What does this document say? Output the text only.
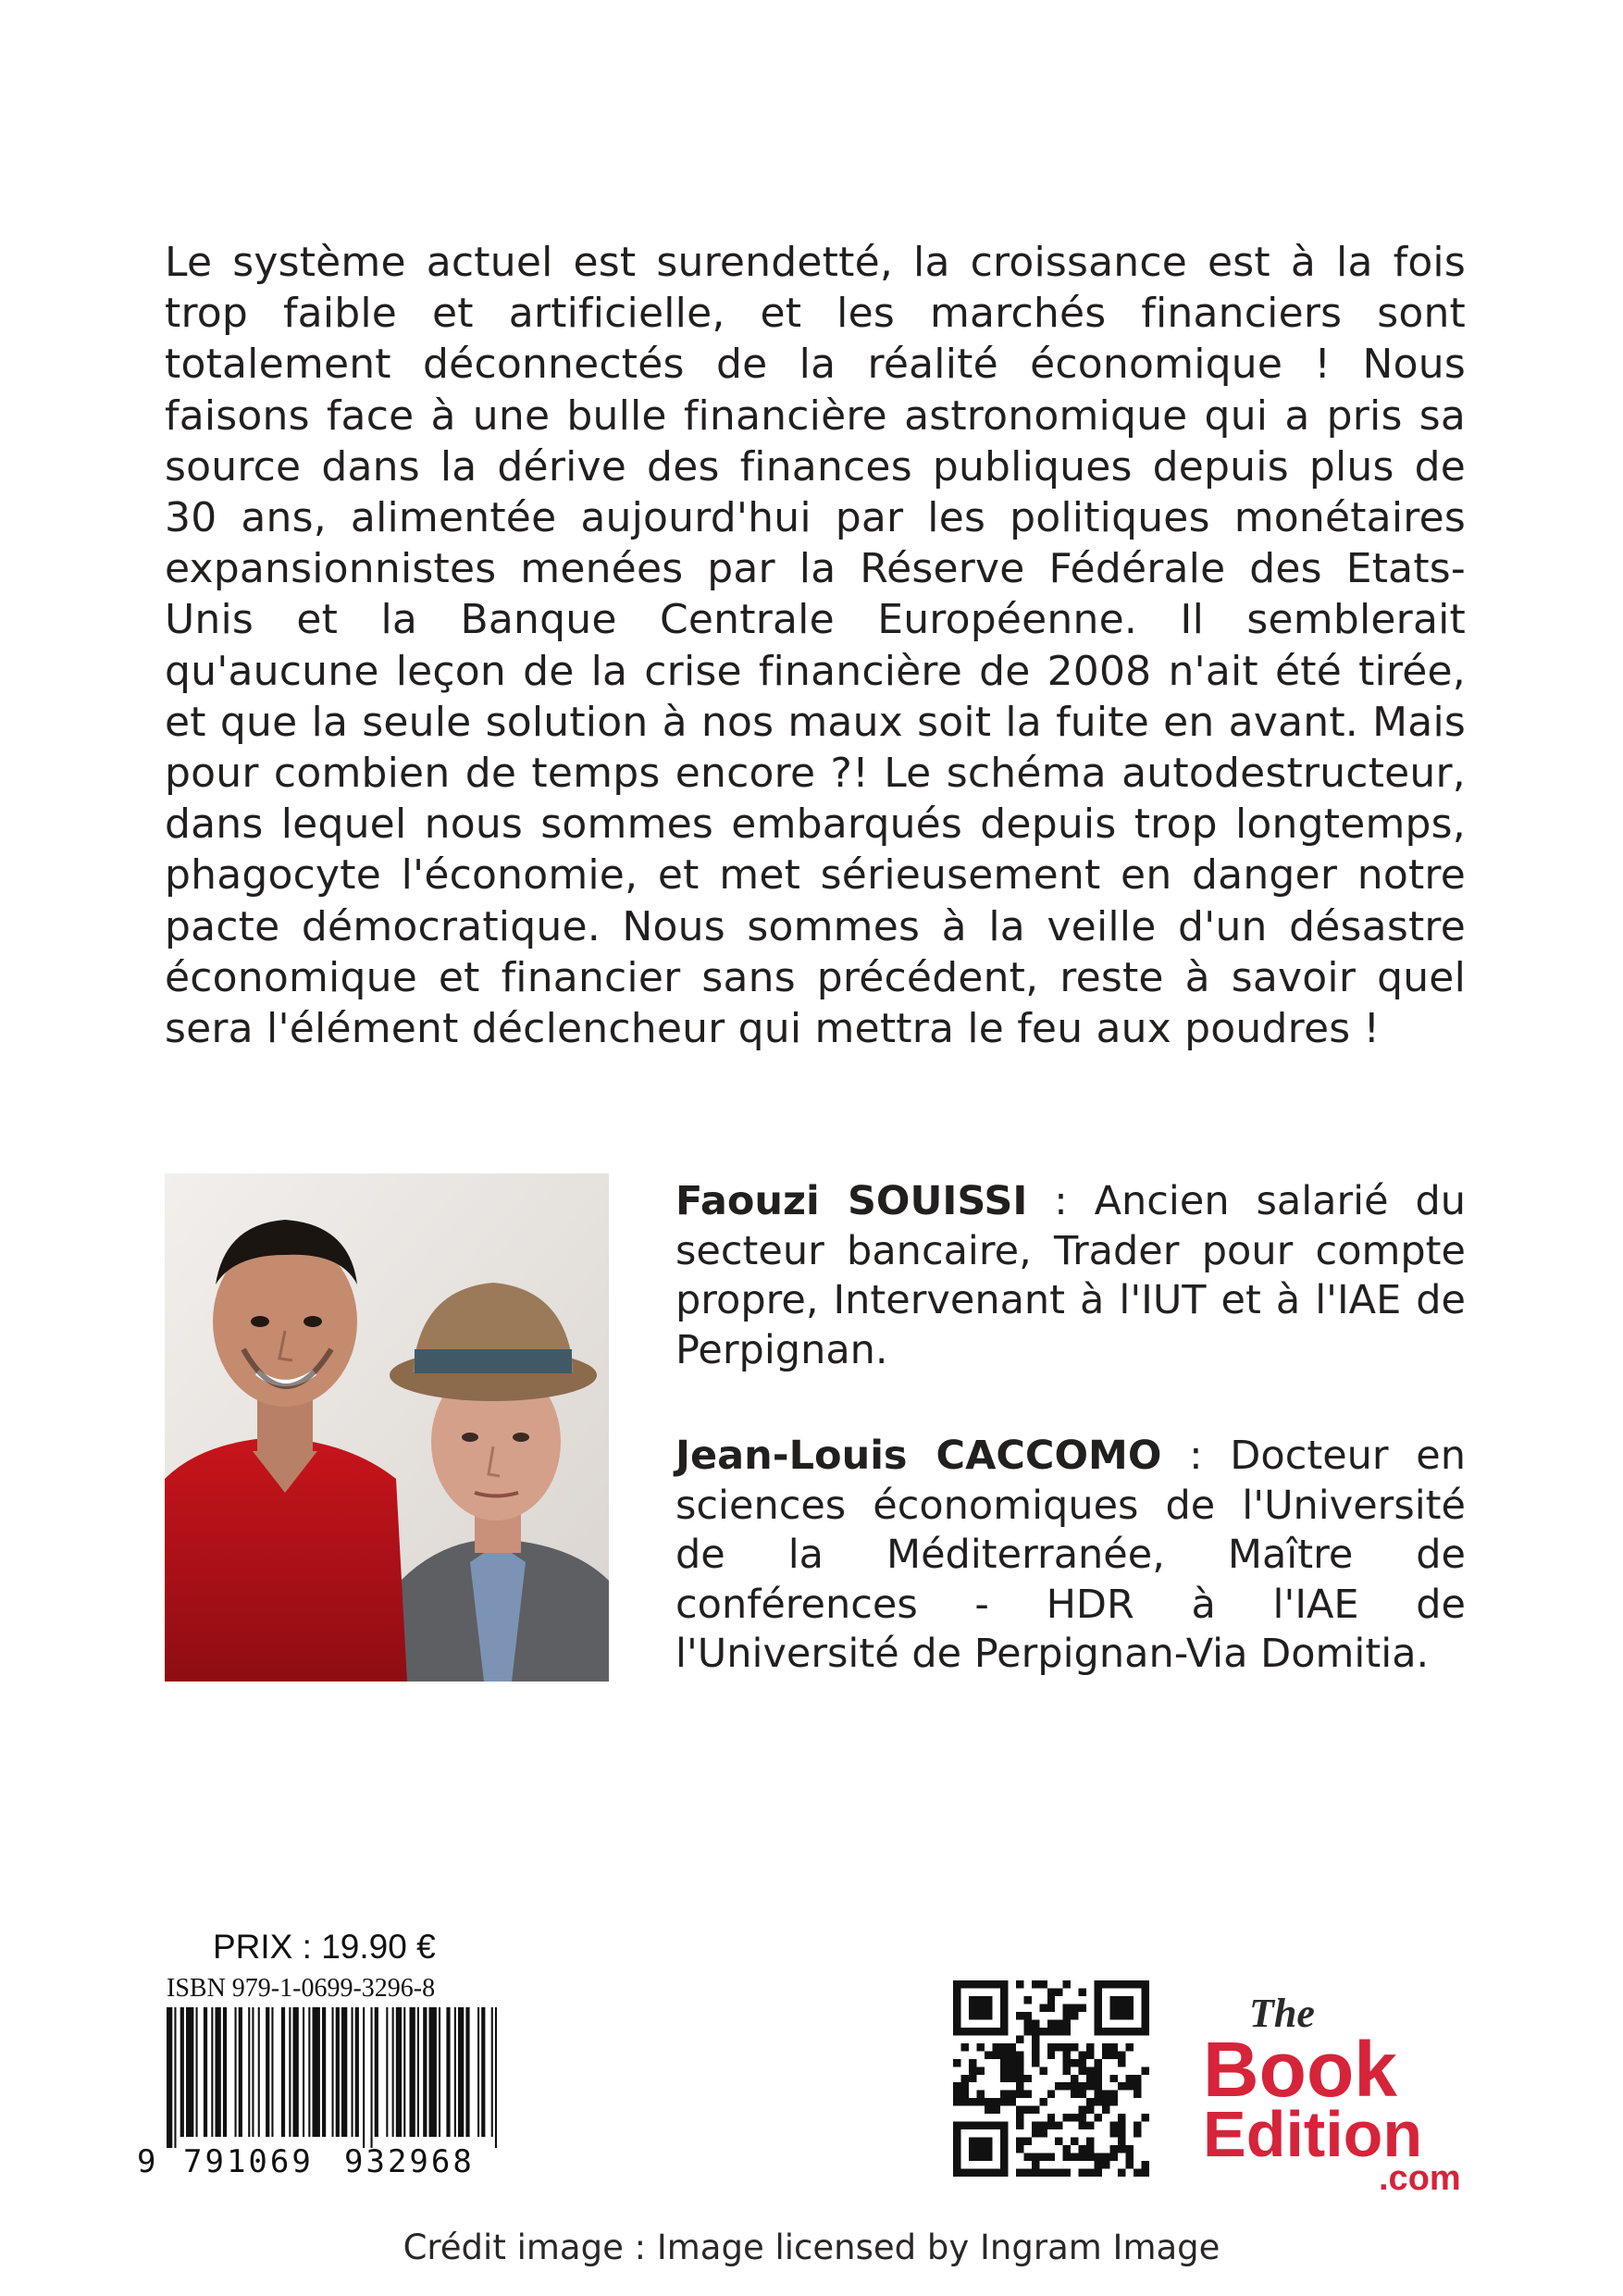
Le système actuel est surendetté, la croissance est à la fois trop faible et artificielle, et les marchés financiers sont totalement déconnectés de la réalité économique ! Nous faisons face à une bulle financière astronomique qui a pris sa source dans la dérive des finances publiques depuis plus de 30 ans, alimentée aujourd'hui par les politiques monétaires expansionnistes menées par la Réserve Fédérale des Etats-Unis et la Banque Centrale Européenne. Il semblerait qu'aucune leçon de la crise financière de 2008 n'ait été tirée, et que la seule solution à nos maux soit la fuite en avant. Mais pour combien de temps encore ?! Le schéma autodestructeur, dans lequel nous sommes embarqués depuis trop longtemps, phagocyte l'économie, et met sérieusement en danger notre pacte démocratique. Nous sommes à la veille d'un désastre économique et financier sans précédent, reste à savoir quel sera l'élément déclencheur qui mettra le feu aux poudres !

Faouzi SOUISSI : Ancien salarié du secteur bancaire, Trader pour compte propre, Intervenant à l'IUT et à l'IAE de Perpignan.

Jean-Louis CACCOMO : Docteur en sciences économiques de l'Université de la Méditerranée, Maître de conférences - HDR à l'IAE de l'Université de Perpignan-Via Domitia.

PRIX : 19.90 €
ISBN 979-1-0699-3296-8
9 791069 932968
The
Book
Edition
.com
Crédit image : Image licensed by Ingram Image
